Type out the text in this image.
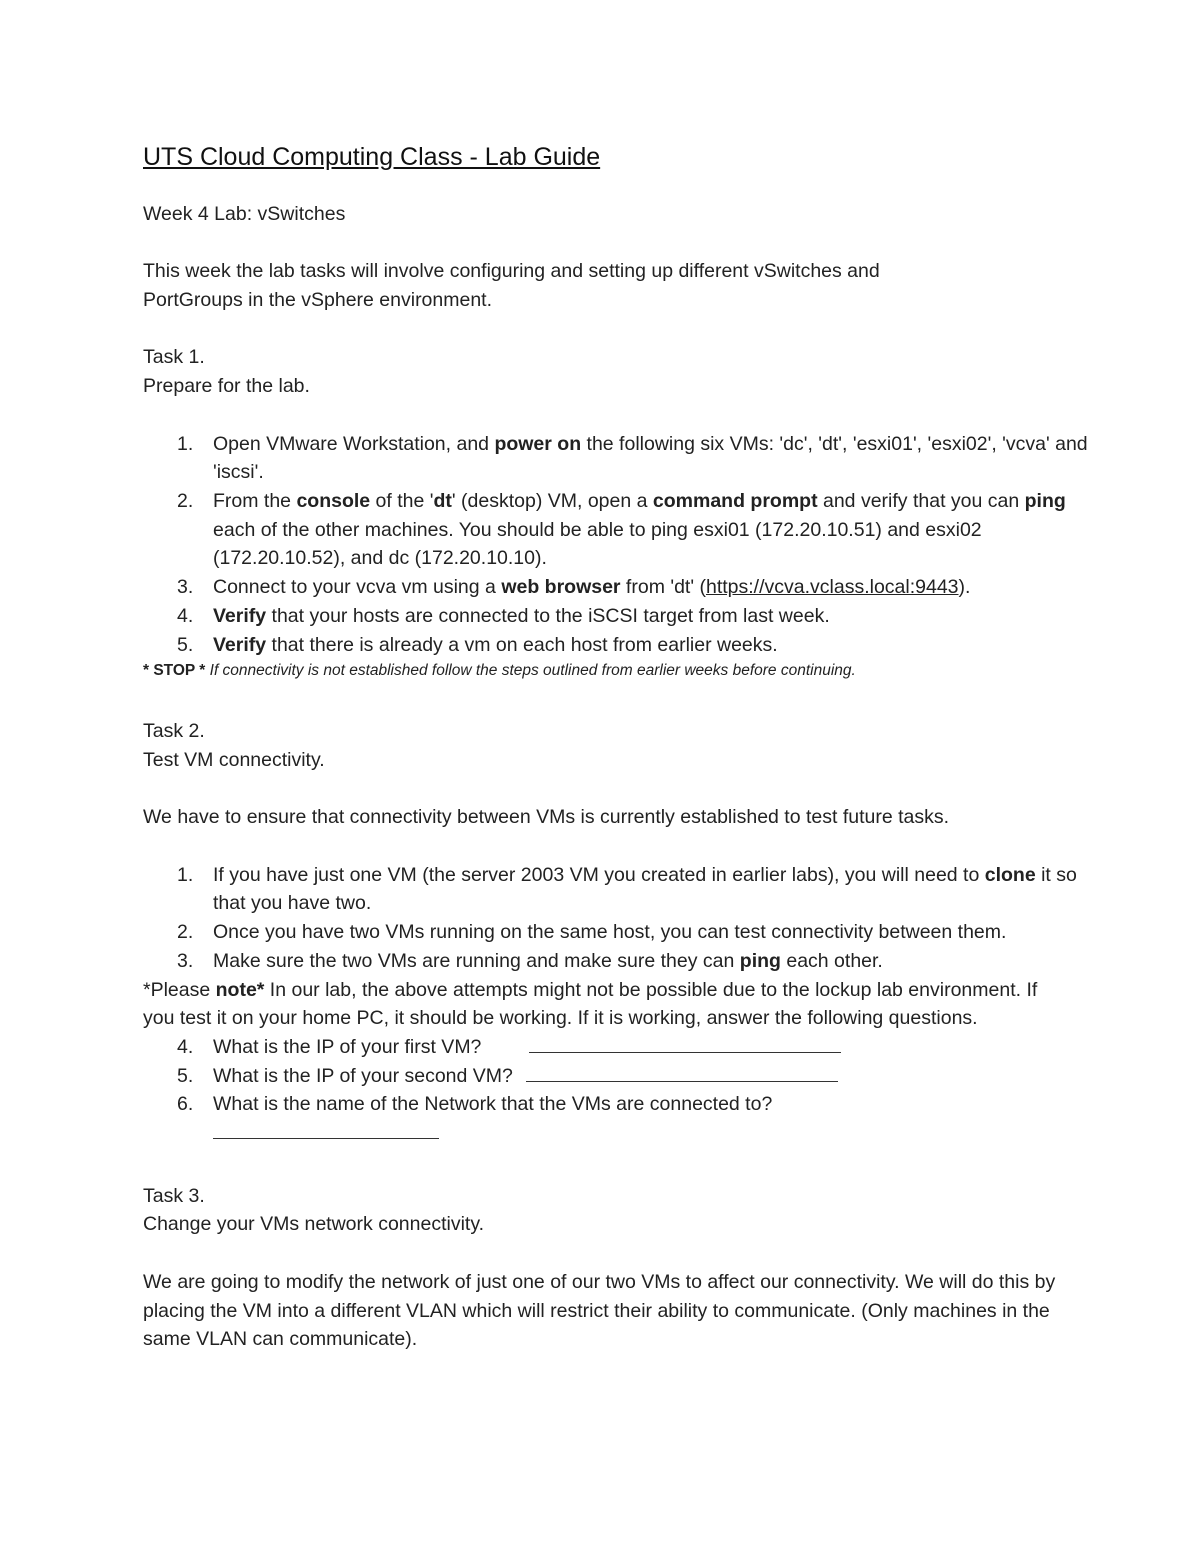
UTS Cloud Computing Class - Lab Guide
Week 4 Lab: vSwitches
This week the lab tasks will involve configuring and setting up different vSwitches and PortGroups in the vSphere environment.
Task 1.
Prepare for the lab.
1.	Open VMware Workstation, and power on the following six VMs: 'dc', 'dt', 'esxi01', 'esxi02', 'vcva' and 'iscsi'.
2.	From the console of the 'dt' (desktop) VM, open a command prompt and verify that you can ping each of the other machines. You should be able to ping esxi01 (172.20.10.51) and esxi02 (172.20.10.52), and dc (172.20.10.10).
3.	Connect to your vcva vm using a web browser from 'dt' (https://vcva.vclass.local:9443).
4.	Verify that your hosts are connected to the iSCSI target from last week.
5.	Verify that there is already a vm on each host from earlier weeks.
* STOP * If connectivity is not established follow the steps outlined from earlier weeks before continuing.
Task 2.
Test VM connectivity.
We have to ensure that connectivity between VMs is currently established to test future tasks.
1.	If you have just one VM (the server 2003 VM you created in earlier labs), you will need to clone it so that you have two.
2.	Once you have two VMs running on the same host, you can test connectivity between them.
3.	Make sure the two VMs are running and make sure they can ping each other.
*Please note* In our lab, the above attempts might not be possible due to the lockup lab environment. If you test it on your home PC, it should be working. If it is working, answer the following questions.
4.	What is the IP of your first VM?
5.	What is the IP of your second VM?
6.	What is the name of the Network that the VMs are connected to?

Task 3.
Change your VMs network connectivity.
We are going to modify the network of just one of our two VMs to affect our connectivity. We will do this by placing the VM into a different VLAN which will restrict their ability to communicate. (Only machines in the same VLAN can communicate).
